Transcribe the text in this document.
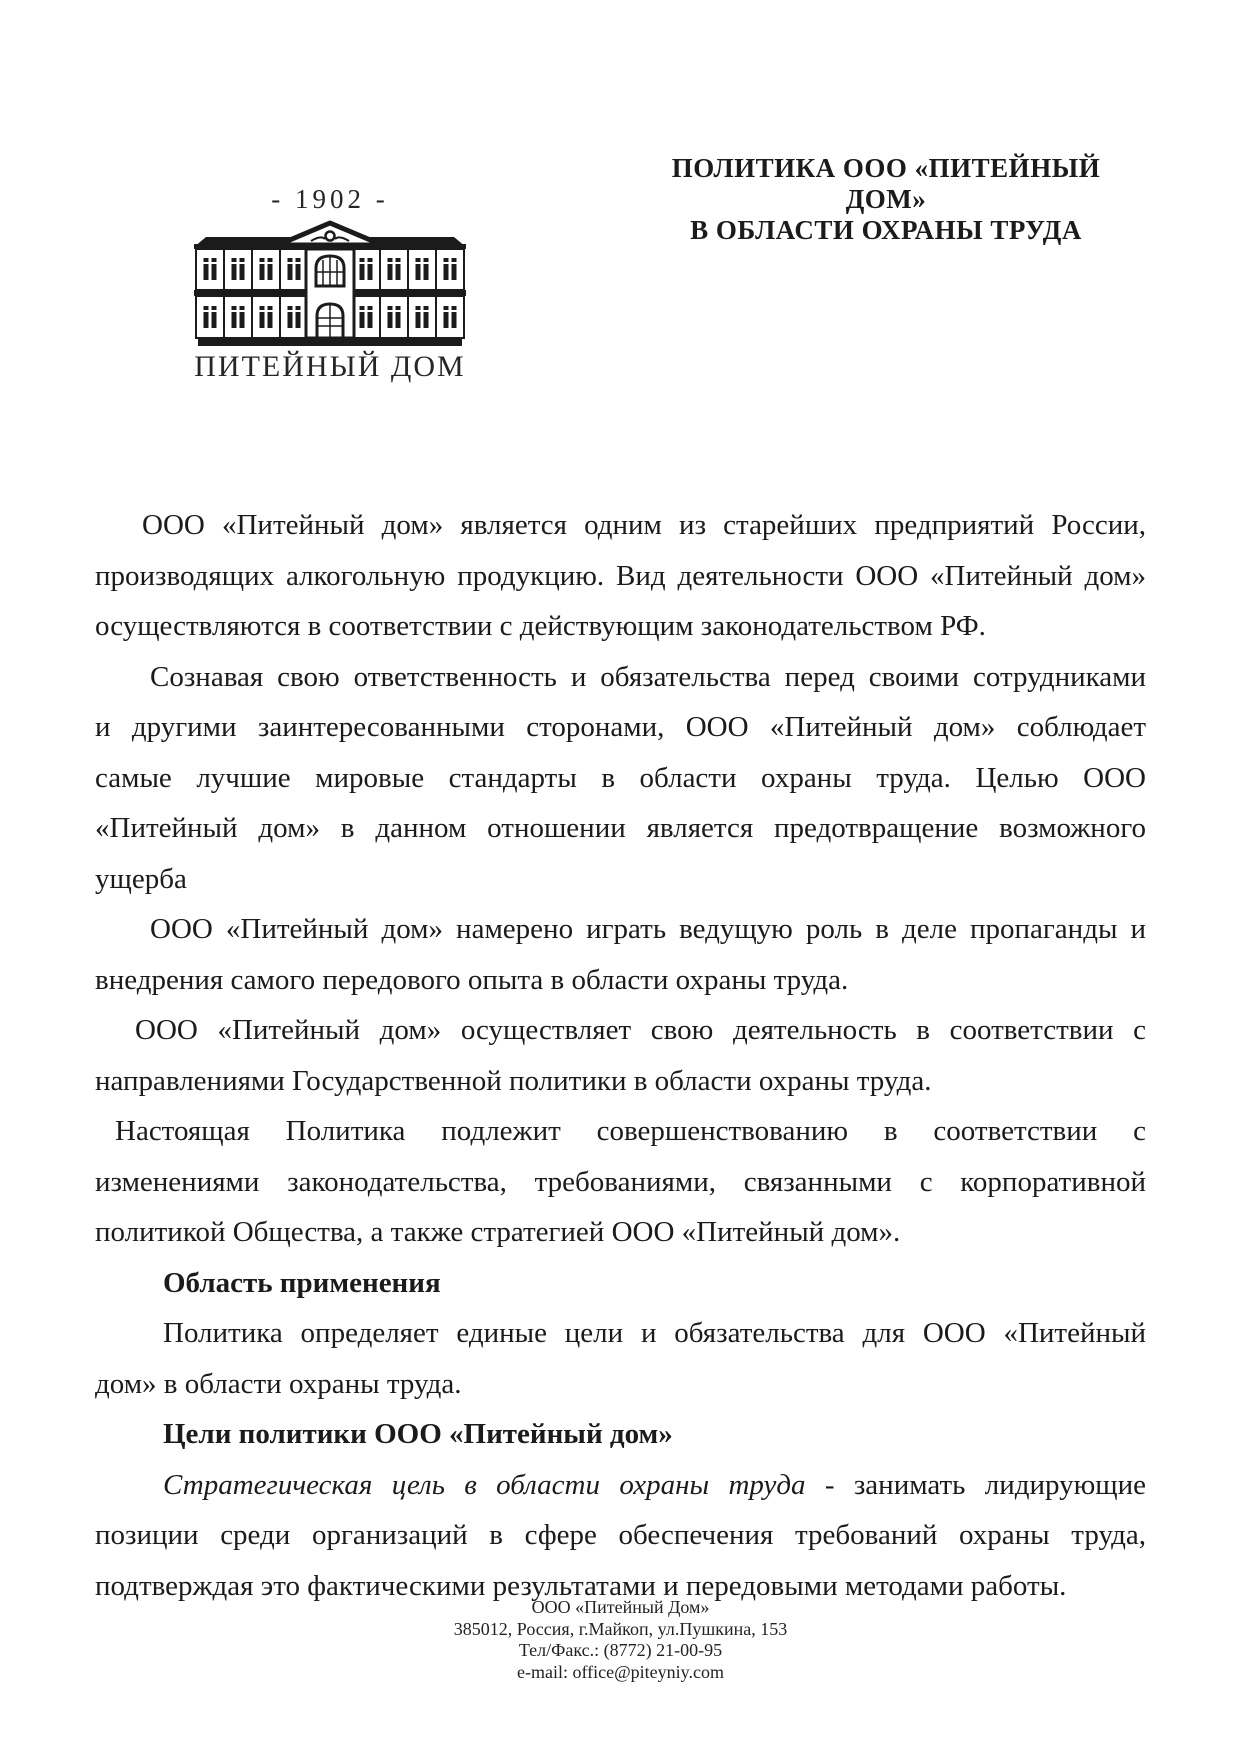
- 1902 -
ПИТЕЙНЫЙ ДОМ
ПОЛИТИКА ООО «ПИТЕЙНЫЙ ДОМ»
В ОБЛАСТИ ОХРАНЫ ТРУДА
ООО «Питейный дом» является одним из старейших предприятий России,
производящих алкогольную продукцию. Вид деятельности ООО «Питейный дом»
осуществляются в соответствии с действующим законодательством РФ.
Сознавая свою ответственность и обязательства перед своими сотрудниками
и другими заинтересованными сторонами, ООО «Питейный дом» соблюдает
самые лучшие мировые стандарты в области охраны труда. Целью ООО
«Питейный дом» в данном отношении является предотвращение возможного
ущерба
ООО «Питейный дом» намерено играть ведущую роль в деле пропаганды и
внедрения самого передового опыта в области охраны труда.
ООО «Питейный дом» осуществляет свою деятельность в соответствии с
направлениями Государственной политики в области охраны труда.
Настоящая Политика подлежит совершенствованию в соответствии с
изменениями законодательства, требованиями, связанными с корпоративной
политикой Общества, а также стратегией ООО «Питейный дом».
Область применения
Политика определяет единые цели и обязательства для ООО «Питейный
дом» в области охраны труда.
Цели политики ООО «Питейный дом»
Стратегическая цель в области охраны труда - занимать лидирующие
позиции среди организаций в сфере обеспечения требований охраны труда,
подтверждая это фактическими результатами и передовыми методами работы.
ООО «Питейный Дом»
385012, Россия, г.Майкоп, ул.Пушкина, 153
Тел/Факс.: (8772) 21-00-95
e-mail: office@piteyniy.com
